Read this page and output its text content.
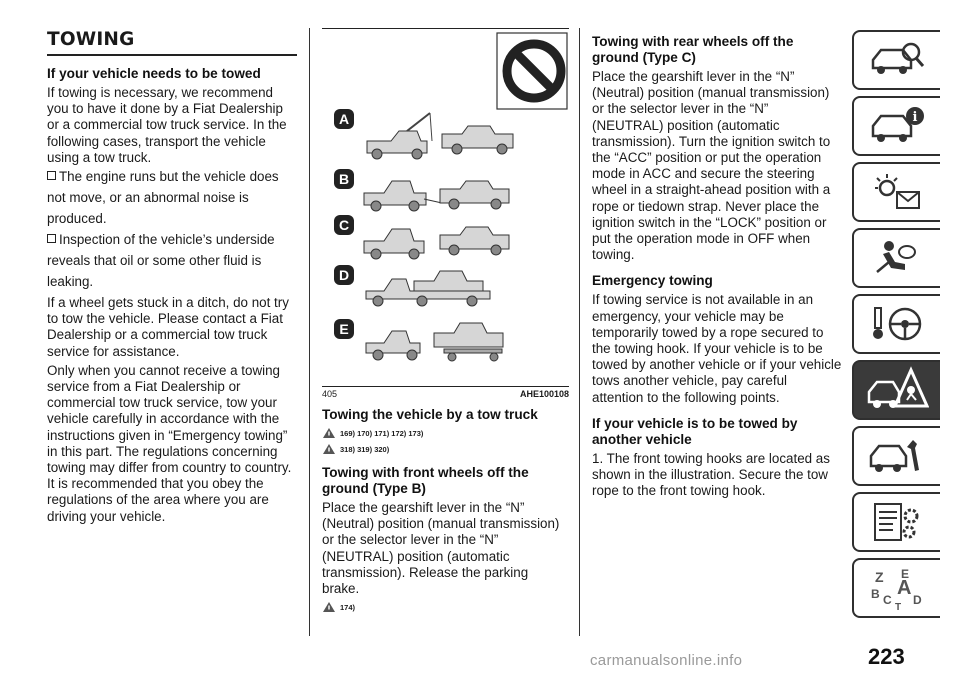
TOWING
If your vehicle needs to be towed

If towing is necessary, we recommend you to have it done by a Fiat Dealership or a commercial tow truck service. In the following cases, transport the vehicle using a tow truck.

The engine runs but the vehicle does not move, or an abnormal noise is produced.
Inspection of the vehicle’s underside reveals that oil or some other fluid is leaking.

If a wheel gets stuck in a ditch, do not try to tow the vehicle. Please contact a Fiat Dealership or a commercial tow truck service for assistance.

Only when you cannot receive a towing service from a Fiat Dealership or commercial tow truck service, tow your vehicle carefully in accordance with the instructions given in “Emergency towing” in this part. The regulations concerning towing may differ from country to country. It is recommended that you obey the regulations of the area where you are driving your vehicle.

A
B
C
D
E
405	AHE100108
Towing the vehicle by a tow truck
169) 170) 171) 172) 173)
318) 319) 320)
Towing with front wheels off the ground (Type B)

Place the gearshift lever in the “N” (Neutral) position (manual transmission) or the selector lever in the “N” (NEUTRAL) position (automatic transmission). Release the parking brake.

174)
Towing with rear wheels off the ground (Type C)

Place the gearshift lever in the “N” (Neutral) position (manual transmission) or the selector lever in the “N” (NEUTRAL) position (automatic transmission). Turn the ignition switch to the “ACC” position or put the operation mode in ACC and secure the steering wheel in a straight-ahead position with a rope or tiedown strap. Never place the ignition switch in the “LOCK” position or put the operation mode in OFF when towing.

Emergency towing

If towing service is not available in an emergency, your vehicle may be temporarily towed by a rope secured to the towing hook. If your vehicle is to be towed by another vehicle or if your vehicle tows another vehicle, pay careful attention to the following points.

If your vehicle is to be towed by another vehicle

1. The front towing hooks are located as shown in the illustration. Secure the tow rope to the front towing hook.

i
Z E
A
B C D
T
223
carmanualsonline.info
